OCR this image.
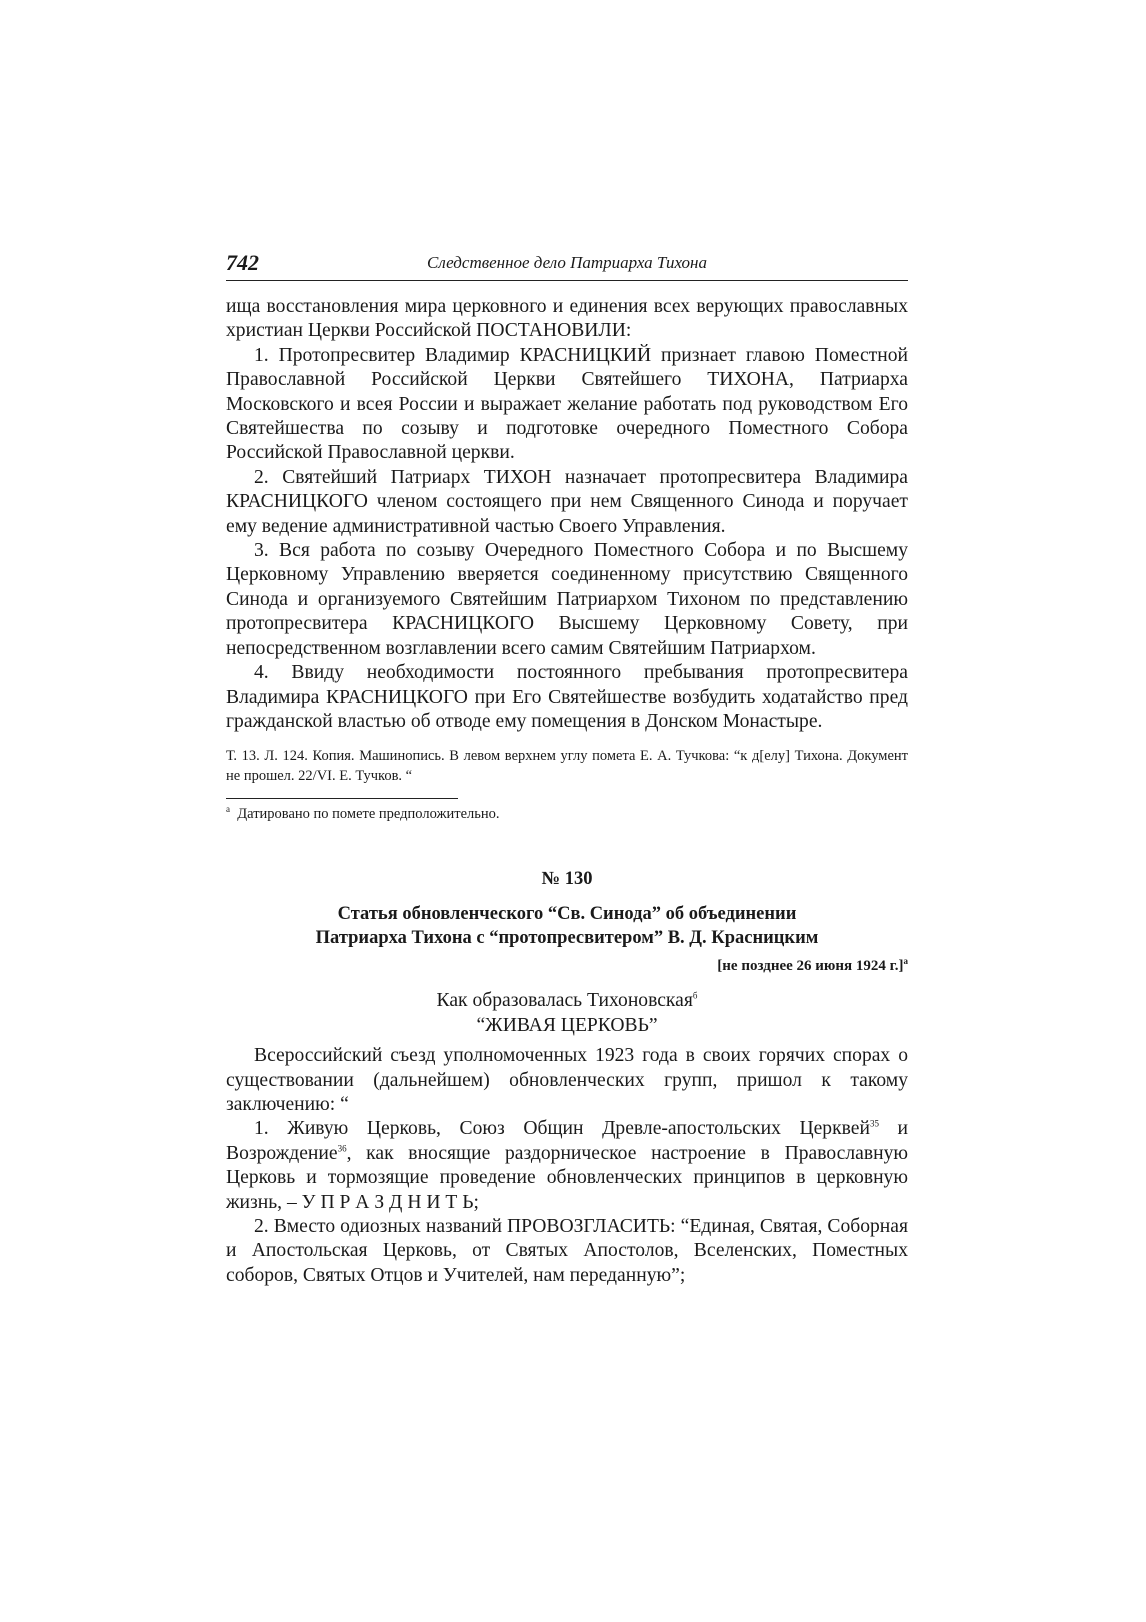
742	Следственное дело Патриарха Тихона

ища восстановления мира церковного и единения всех верующих православных христиан Церкви Российской ПОСТАНОВИЛИ:

1. Протопресвитер Владимир КРАСНИЦКИЙ признает главою Поместной Православной Российской Церкви Святейшего ТИХОНА, Патриарха Московского и всея России и выражает желание работать под руководством Его Святейшества по созыву и подготовке очередного Поместного Собора Российской Православной церкви.

2. Святейший Патриарх ТИХОН назначает протопресвитера Владимира КРАСНИЦКОГО членом состоящего при нем Священного Синода и поручает ему ведение административной частью Своего Управления.

3. Вся работа по созыву Очередного Поместного Собора и по Высшему Церковному Управлению вверяется соединенному присутствию Священного Синода и организуемого Святейшим Патриархом Тихоном по представлению протопресвитера КРАСНИЦКОГО Высшему Церковному Совету, при непосредственном возглавлении всего самим Святейшим Патриархом.

4. Ввиду необходимости постоянного пребывания протопресвитера Владимира КРАСНИЦКОГО при Его Святейшестве возбудить ходатайство пред гражданской властью об отводе ему помещения в Донском Монастыре.

Т. 13. Л. 124. Копия. Машинопись. В левом верхнем углу помета Е. А. Тучкова: “к д[елу] Тихона. Документ не прошел. 22/VI. Е. Тучков. “
$^а$ Датировано по помете предположительно.
№ 130
Статья обновленческого “Св. Синода” об объединении
Патриарха Тихона с “протопресвитером” В. Д. Красницким
[не позднее 26 июня 1924 г.]$^а$
Как образовалась Тихоновская$^б$
“ЖИВАЯ ЦЕРКОВЬ”

Всероссийский съезд уполномоченных 1923 года в своих горячих спорах о существовании (дальнейшем) обновленческих групп, пришол к такому заключению: “

1. Живую Церковь, Союз Общин Древле-апостольских Церквей$^{35}$ и Возрождение$^{36}$, как вносящие раздорническое настроение в Православную Церковь и тормозящие проведение обновленческих принципов в церковную жизнь, – У П Р А З Д Н И Т Ь;

2. Вместо одиозных названий ПРОВОЗГЛАСИТЬ: “Единая, Святая, Соборная и Апостольская Церковь, от Святых Апостолов, Вселенских, Поместных соборов, Святых Отцов и Учителей, нам переданную”;
